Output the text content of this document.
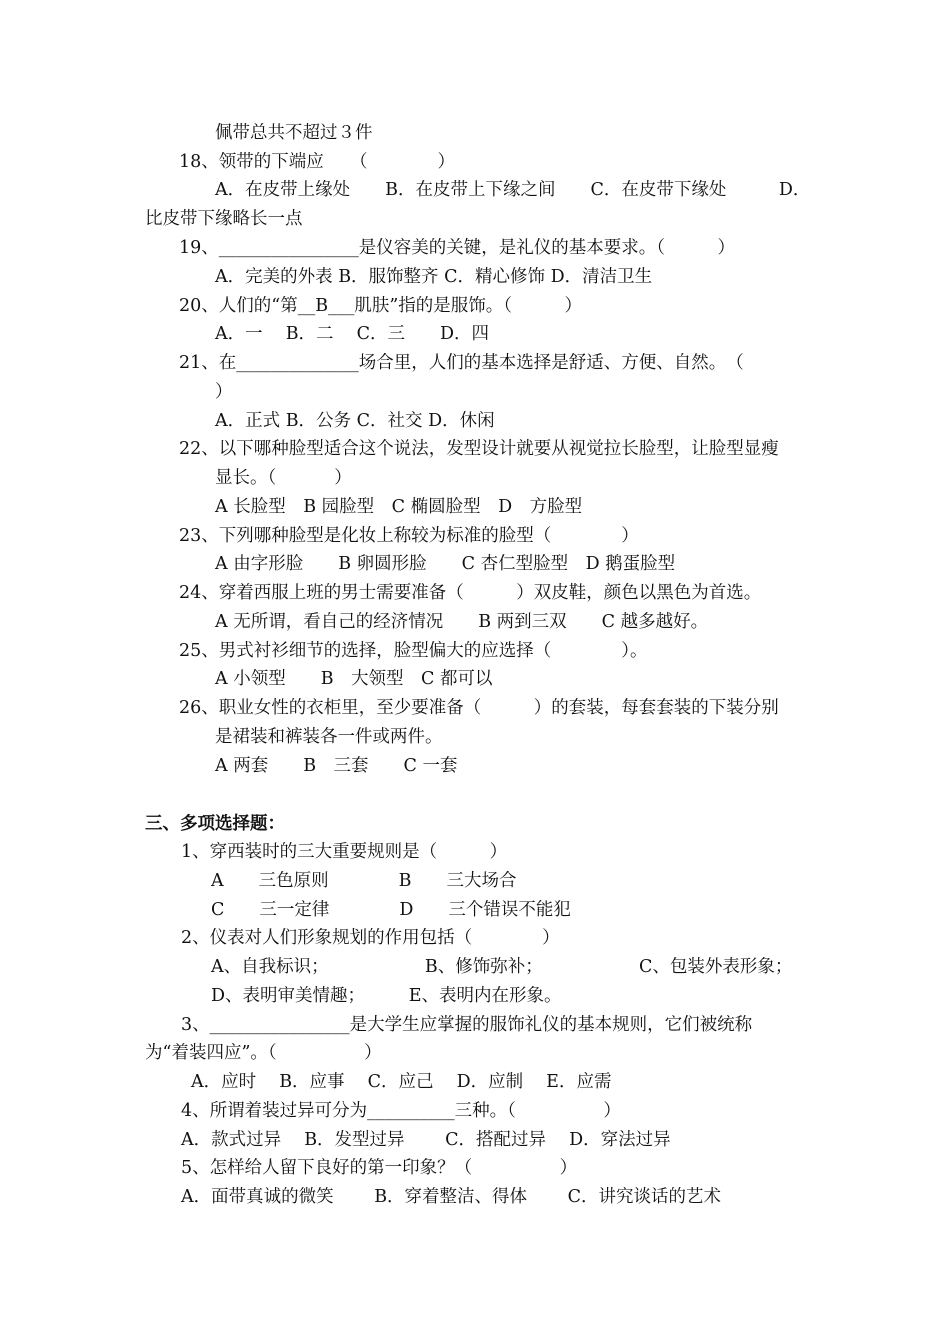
佩带总共不超过３件
18、领带的下端应　　（　　　　）
A．在皮带上缘处　　B．在皮带上下缘之间　　C．在皮带下缘处　　　D．
比皮带下缘略长一点
19、________________是仪容美的关键，是礼仪的基本要求。（　　　）
A．完美的外表 B．服饰整齐 C．精心修饰 D．清洁卫生
20、人们的“第__B___肌肤”指的是服饰。（　　　）
A．一　 B．二　 C．三　　D．四
21、在______________场合里，人们的基本选择是舒适、方便、自然。　（
）
A．正式 B．公务 C．社交 D．休闲
22、以下哪种脸型适合这个说法，发型设计就要从视觉拉长脸型，让脸型显瘦
显长。（　　　 ）
A 长脸型　B 园脸型　C 椭圆脸型　D　方脸型
23、下列哪种脸型是化妆上称较为标准的脸型（　　　　）
A 由字形脸　　B 卵圆形脸　　C 杏仁型脸型　D 鹅蛋脸型
24、穿着西服上班的男士需要准备（　　　）双皮鞋，颜色以黑色为首选。
A 无所谓，看自己的经济情况　　B 两到三双　　C 越多越好。
25、男式衬衫细节的选择，脸型偏大的应选择（　　　　）。
A 小领型　　B　大领型　C 都可以
26、职业女性的衣柜里，至少要准备（　　　）的套装，每套套装的下装分别
是裙装和裤装各一件或两件。
A 两套　　B　三套　　C 一套
三、多项选择题：
1、穿西装时的三大重要规则是（　　　）
A　　三色原则　　　　B　　三大场合
C　　三一定律　　　　D　　三个错误不能犯
2、仪表对人们形象规划的作用包括（　　　　）
A、自我标识；　　　　　　B、修饰弥补；　　　　　　C、包装外表形象；
D、表明审美情趣；　　　E、表明内在形象。
3、________________是大学生应掌握的服饰礼仪的基本规则，它们被统称
为“着装四应”。（　　　　　）
A．应时　 B．应事　 C．应己　 D．应制　 E．应需
4、所谓着装过异可分为__________三种。（　　　　　）
A．款式过异　 B．发型过异　　 C．搭配过异　 D．穿法过异
5、怎样给人留下良好的第一印象？（　　　　　）
A．面带真诚的微笑　　 B．穿着整洁、得体　　 C．讲究谈话的艺术
